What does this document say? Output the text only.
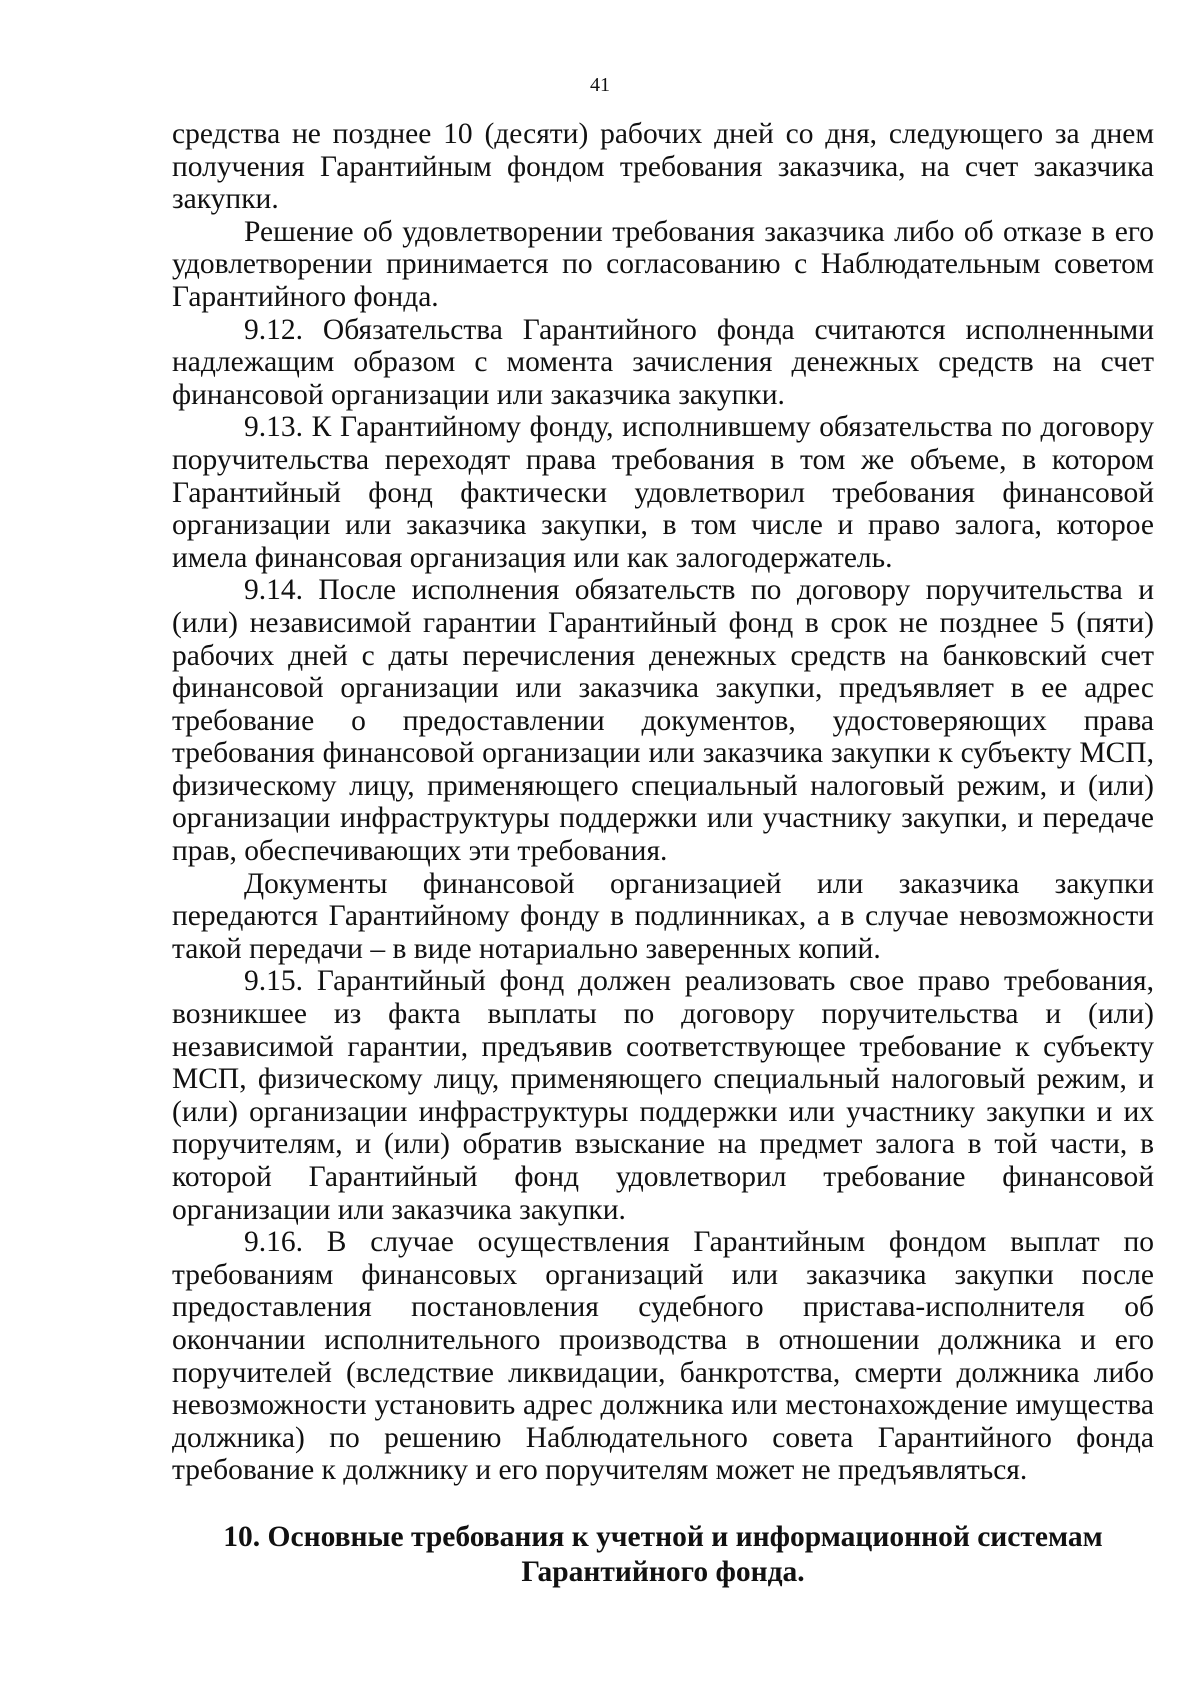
41

средства не позднее 10 (десяти) рабочих дней со дня, следующего за днем получения Гарантийным фондом требования заказчика, на счет заказчика закупки.

Решение об удовлетворении требования заказчика либо об отказе в его удовлетворении принимается по согласованию с Наблюдательным советом Гарантийного фонда.

9.12. Обязательства Гарантийного фонда считаются исполненными надлежащим образом с момента зачисления денежных средств на счет финансовой организации или заказчика закупки.

9.13. К Гарантийному фонду, исполнившему обязательства по договору поручительства переходят права требования в том же объеме, в котором Гарантийный фонд фактически удовлетворил требования финансовой организации или заказчика закупки, в том числе и право залога, которое имела финансовая организация или как залогодержатель.

9.14. После исполнения обязательств по договору поручительства и (или) независимой гарантии Гарантийный фонд в срок не позднее 5 (пяти) рабочих дней с даты перечисления денежных средств на банковский счет финансовой организации или заказчика закупки, предъявляет в ее адрес требование о предоставлении документов, удостоверяющих права требования финансовой организации или заказчика закупки к субъекту МСП, физическому лицу, применяющего специальный налоговый режим, и (или) организации инфраструктуры поддержки или участнику закупки, и передаче прав, обеспечивающих эти требования.

Документы финансовой организацией или заказчика закупки передаются Гарантийному фонду в подлинниках, а в случае невозможности такой передачи – в виде нотариально заверенных копий.

9.15. Гарантийный фонд должен реализовать свое право требования, возникшее из факта выплаты по договору поручительства и (или) независимой гарантии, предъявив соответствующее требование к субъекту МСП, физическому лицу, применяющего специальный налоговый режим, и (или) организации инфраструктуры поддержки или участнику закупки и их поручителям, и (или) обратив взыскание на предмет залога в той части, в которой Гарантийный фонд удовлетворил требование финансовой организации или заказчика закупки.

9.16. В случае осуществления Гарантийным фондом выплат по требованиям финансовых организаций или заказчика закупки после предоставления постановления судебного пристава-исполнителя об окончании исполнительного производства в отношении должника и его поручителей (вследствие ликвидации, банкротства, смерти должника либо невозможности установить адрес должника или местонахождение имущества должника) по решению Наблюдательного совета Гарантийного фонда требование к должнику и его поручителям может не предъявляться.

10. Основные требования к учетной и информационной системам
Гарантийного фонда.
